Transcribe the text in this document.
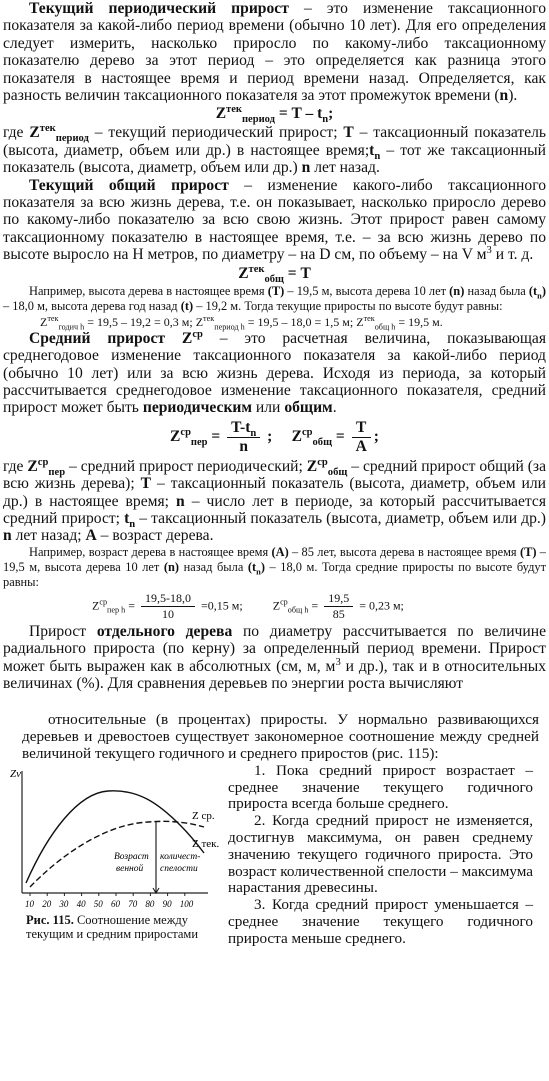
Текущий периодический прирост – это изменение таксационного показателя за какой-либо период времени (обычно 10 лет). Для его определения следует измерить, насколько приросло по какому-либо таксационному показателю дерево за этот период – это определяется как разница этого показателя в настоящее время и период времени назад. Определяется, как разность величин таксационного показателя за этот промежуток времени (n).

$Z^{тек}_{период} = T - t_n$;

где $Z^{тек}_{период}$ – текущий периодический прирост; Т – таксационный показатель (высота, диаметр, объем или др.) в настоящее $время;t_n$ – тот же таксационный показатель (высота, диаметр, объем или др.) n лет назад.

Текущий общий прирост – изменение какого-либо таксационного показателя за всю жизнь дерева, т.е. он показывает, насколько приросло дерево по какому-либо показателю за всю свою жизнь. Этот прирост равен самому таксационному показателю в настоящее время, т.е. – за всю жизнь дерево по высоте выросло на Н метров, по диаметру – на D см, по объему – на V $м^3$ и т. д.

$Z^{тек}_{общ} = T$

Например, высота дерева в настоящее время (Т) – 19,5 м, высота дерева 10 лет (n) назад была $(t_n) - 18,0$ м, высота дерева год назад (t) – 19,2 м. Тогда текущие приросты по высоте будут равны:

$Z^{тек}_{годич h} = 19,5 - 19,2 = 0,3$ м; $Z^{тек}_{период h} = 19,5 - 18,0 = 1,5$ м; $Z^{тек}_{общ h} = 19,5$ м.

Средний прирост $Z^{ср}$ – это расчетная величина, показывающая среднегодовое изменение таксационного показателя за какой-либо период (обычно 10 лет) или за всю жизнь дерева. Исходя из периода, за который рассчитывается среднегодовое изменение таксационного показателя, средний прирост может быть периодическим или общим.

$Z^{ср}_{пер} = \frac{T-t_n}{n}$ ; $Z^{ср}_{общ} = \frac{T}{A}$ ;

где $Z^{ср}_{пер}$ – средний прирост периодический; $Z^{ср}_{общ}$ – средний прирост общий (за всю жизнь дерева); Т – таксационный показатель (высота, диаметр, объем или др.) в настоящее время; n – число лет в периоде, за который рассчитывается средний прирост; $t_n$ – таксационный показатель (высота, диаметр, объем или др.) n лет назад; А – возраст дерева.

Например, возраст дерева в настоящее время (А) – 85 лет, высота дерева в настоящее время (Т) – 19,5 м, высота дерева 10 лет (n) назад была $(t_n) - 18,0$ м. Тогда средние приросты по высоте будут равны:

$Z^{ср}_{пер h} = \frac{19,5-18,0}{10} =0,15$ м;	$Z^{ср}_{общ h} = \frac{19,5}{85} = 0,23$ м;

Прирост отдельного дерева по диаметру рассчитывается по величине радиального прироста (по керну) за определенный период времени. Прирост может быть выражен как в абсолютных (см, м, $м^3$ и др.), так и в относительных величинах (%). Для сравнения деревьев по энергии роста вычисляют

относительные (в процентах) приросты. У нормально развивающихся деревьев и древостоев существует закономерное соотношение между средней величиной текущего годичного и среднего приростов (рис. 115):

Zv
Возраст
венной
количест-
спелости
Z ср.
Z тек.
10 20 30 40 50 60 70 80 90 100
Рис. 115. Соотношение между текущим и средним приростами

1. Пока средний прирост возрастает – среднее значение текущего годичного прироста всегда больше среднего.

2. Когда средний прирост не изменяется, достигнув максимума, он равен среднему значению текущего годичного прироста. Это возраст количественной спелости – максимума нарастания древесины.

3. Когда средний прирост уменьшается – среднее значение текущего годичного прироста меньше среднего.
